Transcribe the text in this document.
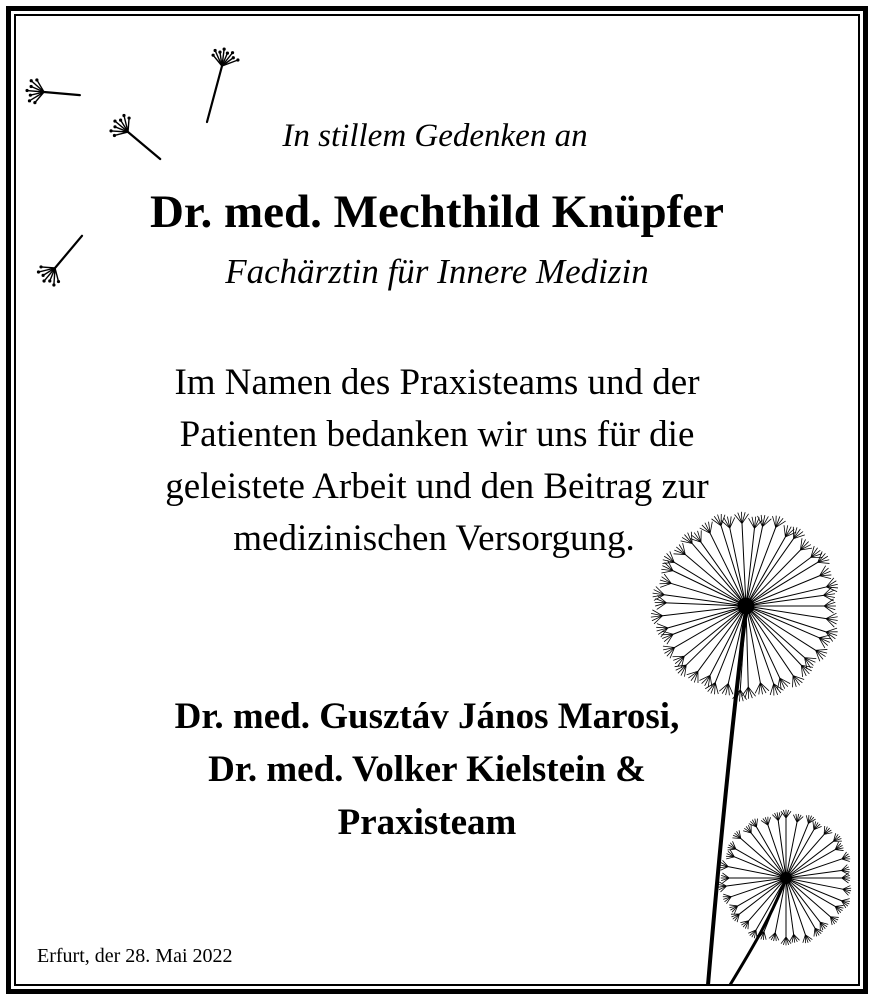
In stillem Gedenken an
Dr. med. Mechthild Knüpfer
Fachärztin für Innere Medizin
Im Namen des Praxisteams und der
Patienten bedanken wir uns für die
geleistete Arbeit und den Beitrag zur
medizinischen Versorgung.
Dr. med. Gusztáv János Marosi,
Dr. med. Volker Kielstein &
Praxisteam
Erfurt, der 28. Mai 2022
